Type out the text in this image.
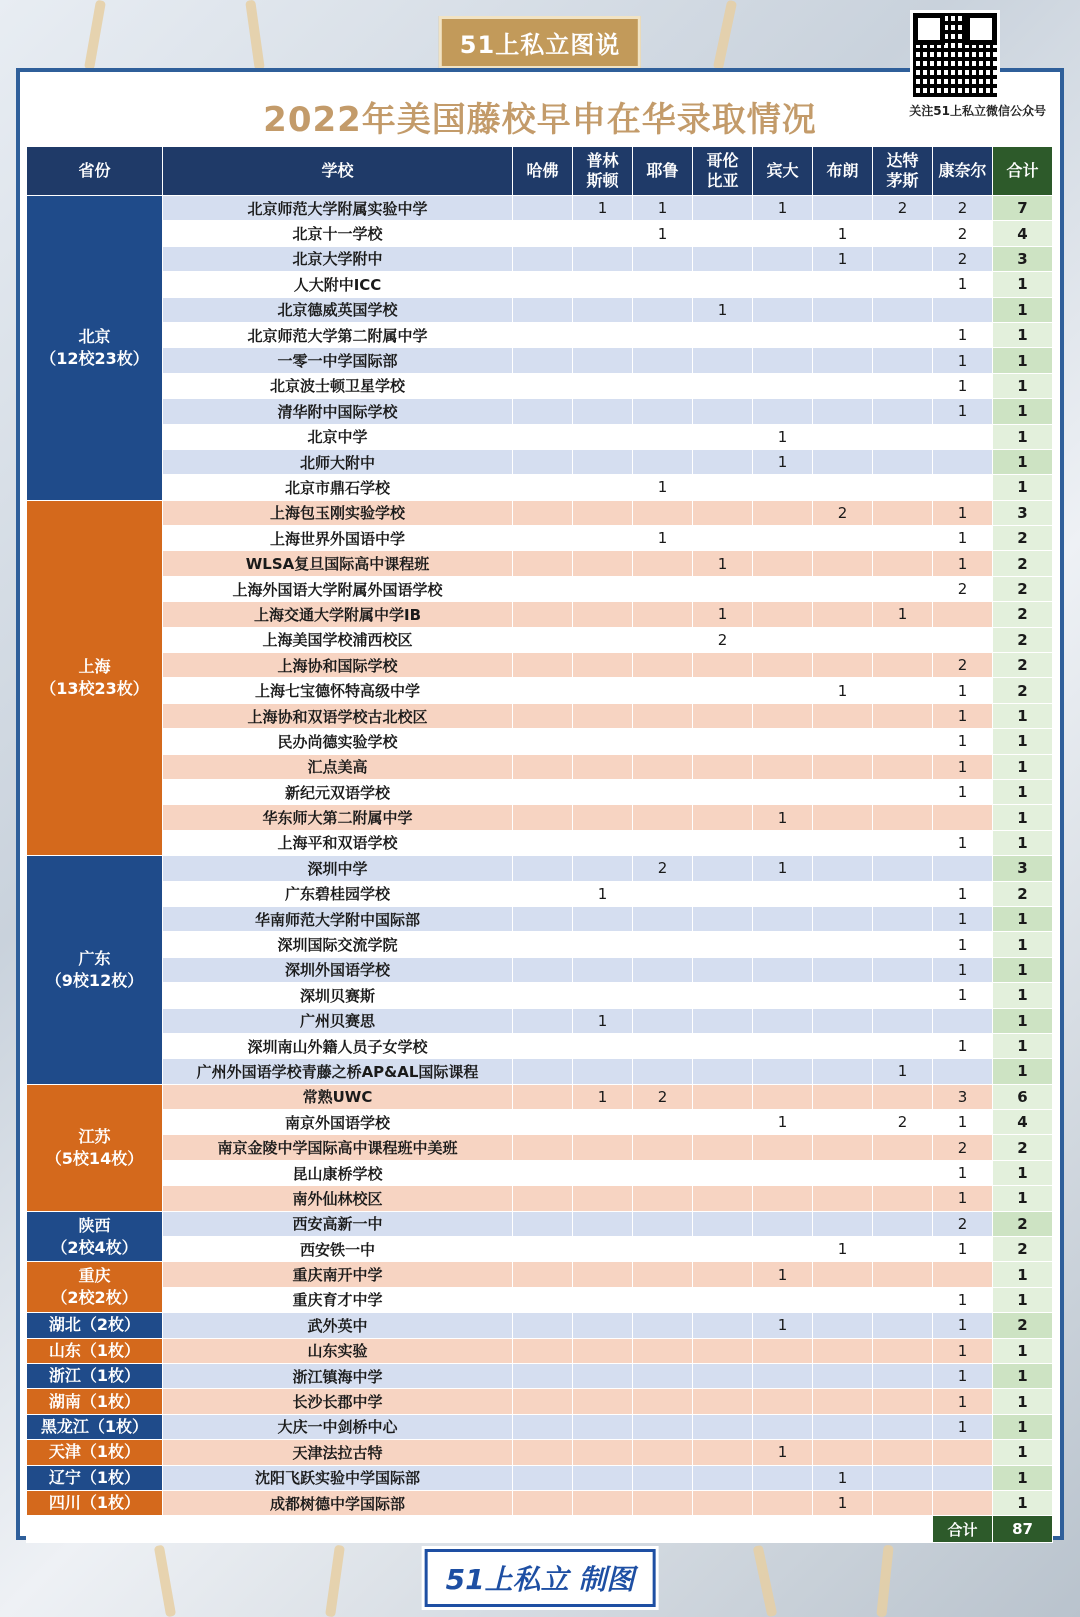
51上私立图说
关注51上私立微信公众号
2022年美国藤校早申在华录取情况
省份	学校	哈佛	普林斯顿	耶鲁	哥伦比亚	宾大	布朗	达特茅斯	康奈尔	合计
北京
（12校23枚）	北京师范大学附属实验中学		1	1		1		2	2	7
	北京十一学校			1			1		2	4
	北京大学附中						1		2	3
	人大附中ICC								1	1
	北京德威英国学校				1					1
	北京师范大学第二附属中学								1	1
	一零一中学国际部								1	1
	北京波士顿卫星学校								1	1
	清华附中国际学校								1	1
	北京中学					1				1
	北师大附中					1				1
	北京市鼎石学校			1						1
上海
（13校23枚）	上海包玉刚实验学校						2		1	3
	上海世界外国语中学			1					1	2
	WLSA复旦国际高中课程班				1				1	2
	上海外国语大学附属外国语学校								2	2
	上海交通大学附属中学IB				1			1		2
	上海美国学校浦西校区				2					2
	上海协和国际学校								2	2
	上海七宝德怀特高级中学						1		1	2
	上海协和双语学校古北校区								1	1
	民办尚德实验学校								1	1
	汇点美高								1	1
	新纪元双语学校								1	1
	华东师大第二附属中学					1				1
	上海平和双语学校								1	1
广东
（9校12枚）	深圳中学			2		1				3
	广东碧桂园学校		1						1	2
	华南师范大学附中国际部								1	1
	深圳国际交流学院								1	1
	深圳外国语学校								1	1
	深圳贝赛斯								1	1
	广州贝赛思		1							1
	深圳南山外籍人员子女学校								1	1
	广州外国语学校青藤之桥AP&AL国际课程							1		1
江苏
（5校14枚）	常熟UWC		1	2					3	6
	南京外国语学校					1		2	1	4
	南京金陵中学国际高中课程班中美班								2	2
	昆山康桥学校								1	1
	南外仙林校区								1	1
陕西
（2校4枚）	西安高新一中								2	2
	西安铁一中						1		1	2
重庆
（2校2枚）	重庆南开中学					1				1
	重庆育才中学								1	1
湖北（2枚）	武外英中					1			1	2
山东（1枚）	山东实验								1	1
浙江（1枚）	浙江镇海中学								1	1
湖南（1枚）	长沙长郡中学								1	1
黑龙江（1枚）	大庆一中剑桥中心								1	1
天津（1枚）	天津法拉古特					1				1
辽宁（1枚）	沈阳飞跃实验中学国际部						1			1
四川（1枚）	成都树德中学国际部						1			1
									合计	87
51上私立 制图
